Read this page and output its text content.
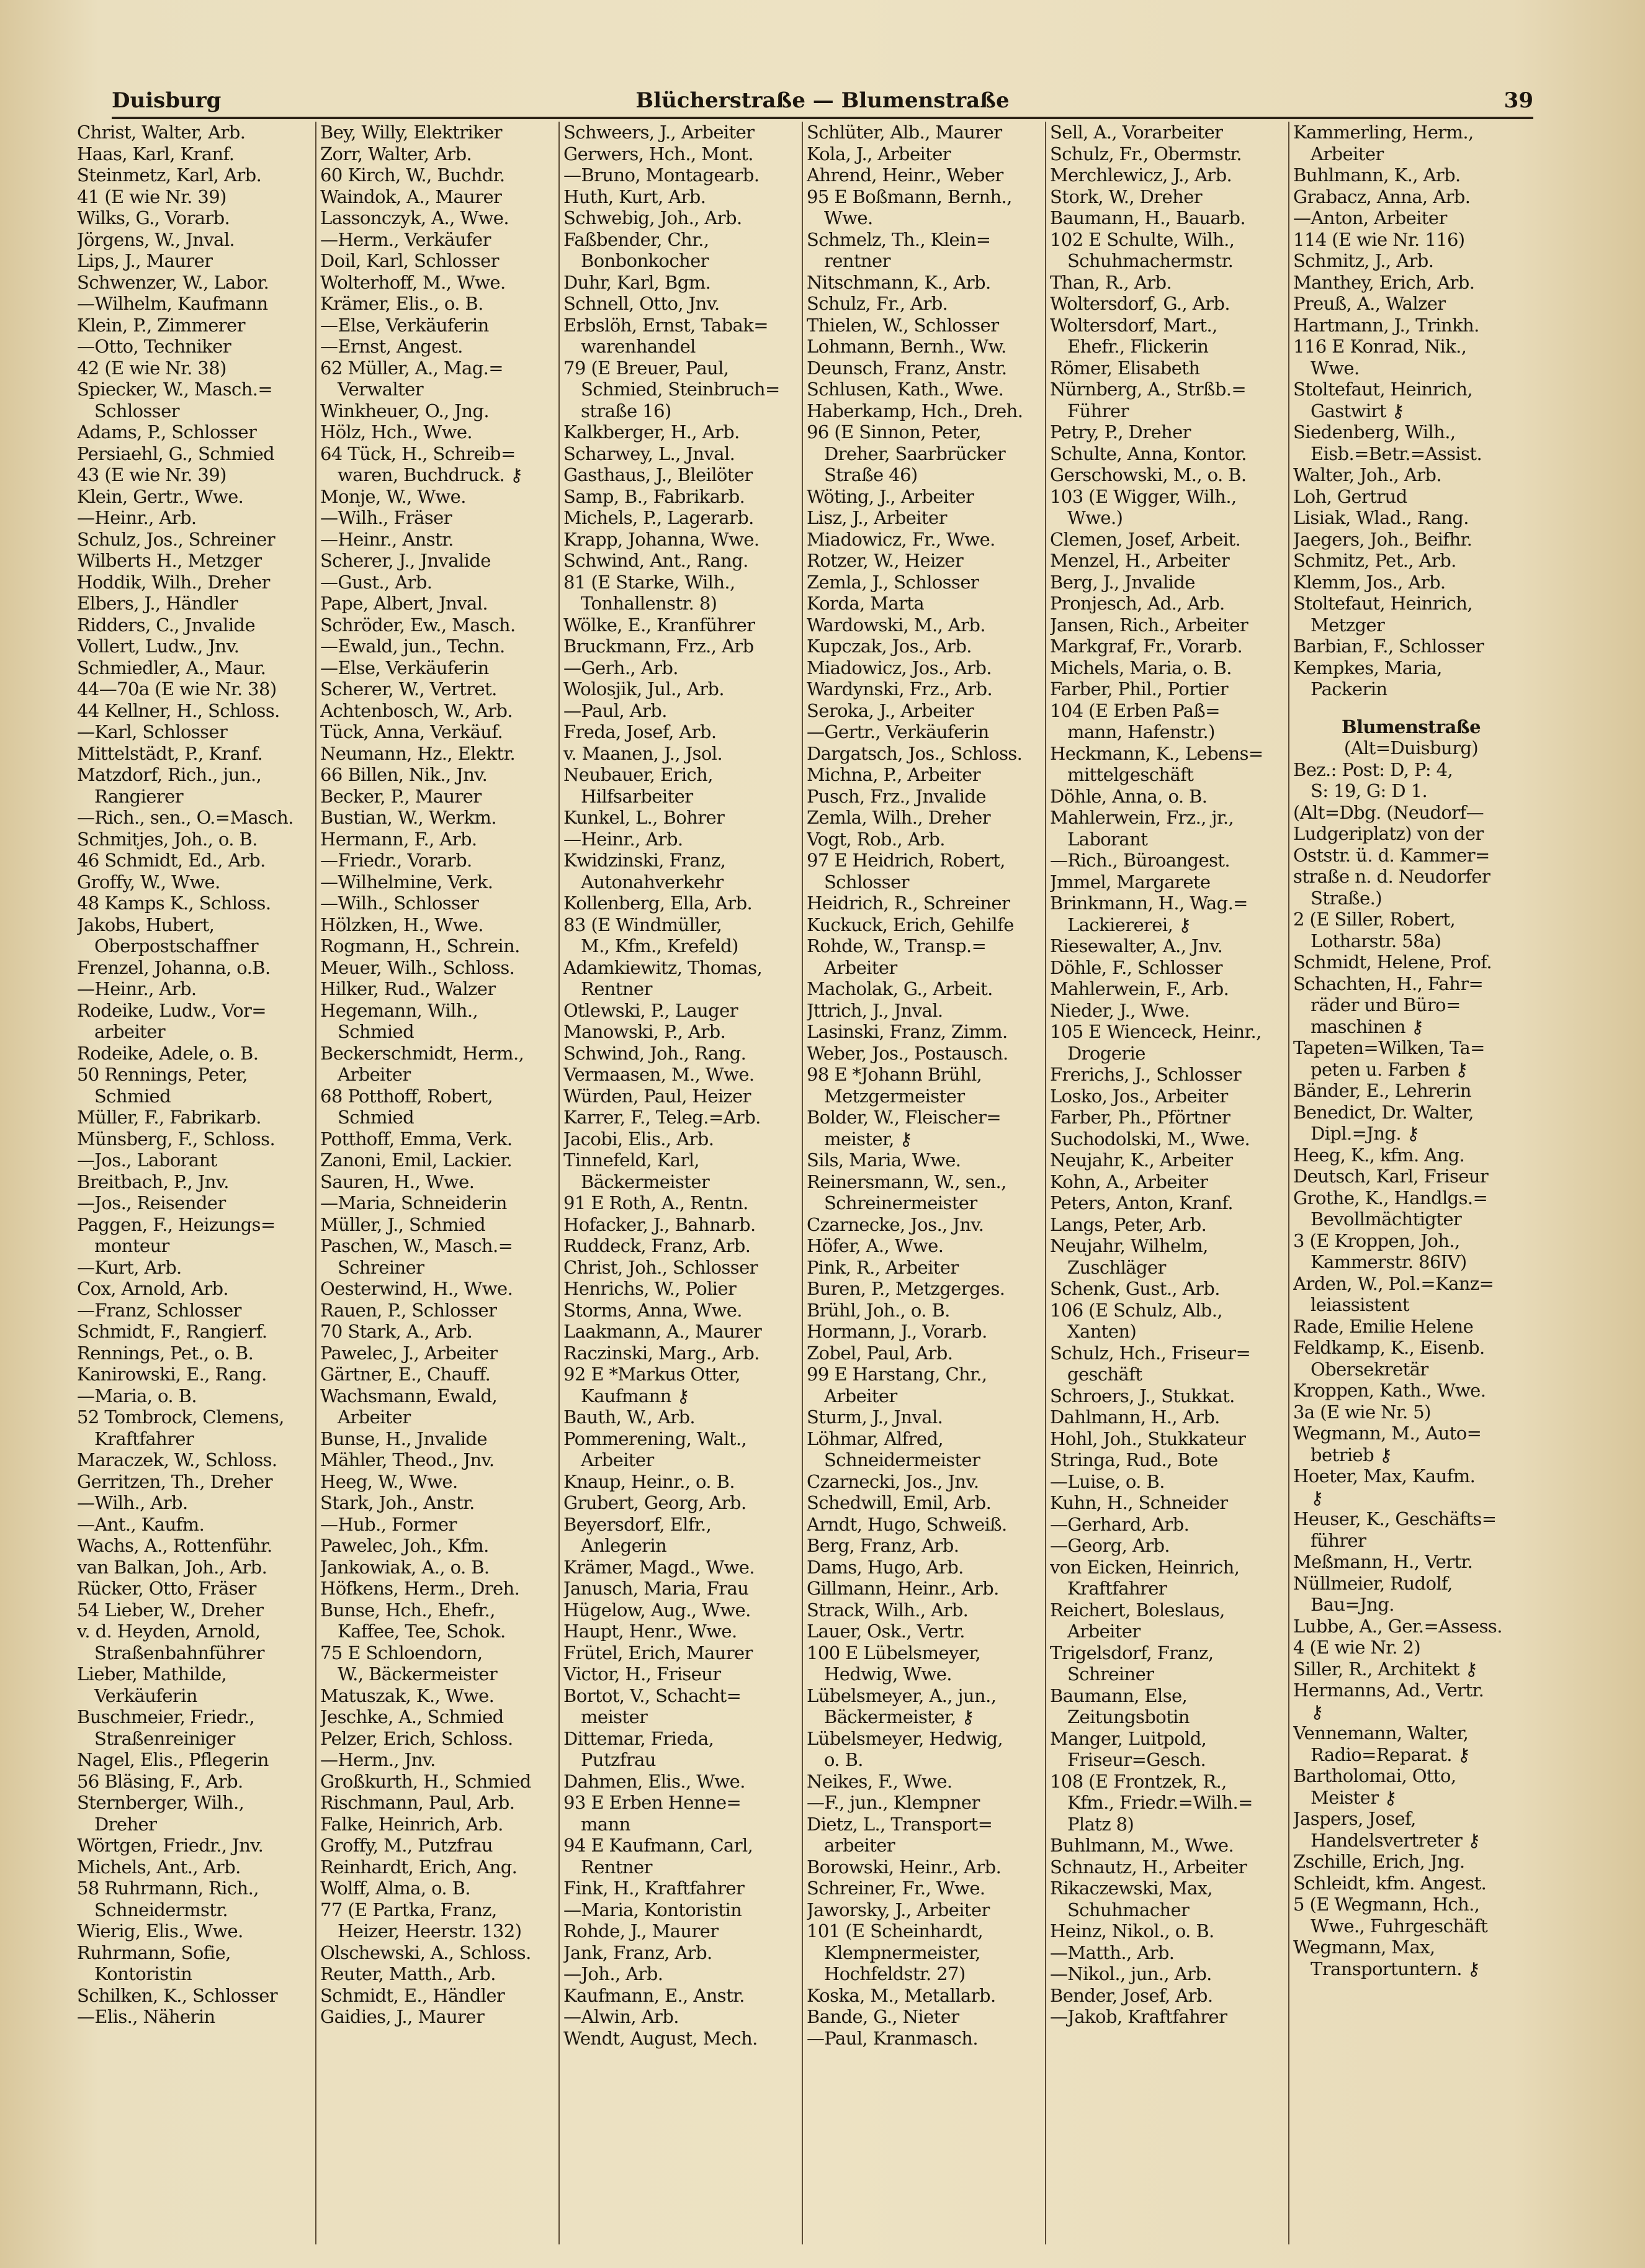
Duisburg	Blücherstraße — Blumenstraße	39
Christ, Walter, Arb.
Haas, Karl, Kranf.
Steinmetz, Karl, Arb.
41 (E wie Nr. 39)
Wilks, G., Vorarb.
Jörgens, W., Jnval.
Lips, J., Maurer
Schwenzer, W., Labor.
—Wilhelm, Kaufmann
Klein, P., Zimmerer
—Otto, Techniker
42 (E wie Nr. 38)
Spiecker, W., Masch.=
Schlosser
Adams, P., Schlosser
Persiaehl, G., Schmied
43 (E wie Nr. 39)
Klein, Gertr., Wwe.
—Heinr., Arb.
Schulz, Jos., Schreiner
Wilberts H., Metzger
Hoddik, Wilh., Dreher
Elbers, J., Händler
Ridders, C., Jnvalide
Vollert, Ludw., Jnv.
Schmiedler, A., Maur.
44—70a (E wie Nr. 38)
44 Kellner, H., Schloss.
—Karl, Schlosser
Mittelstädt, P., Kranf.
Matzdorf, Rich., jun.,
Rangierer
—Rich., sen., O.=Masch.
Schmitjes, Joh., o. B.
46 Schmidt, Ed., Arb.
Groffy, W., Wwe.
48 Kamps K., Schloss.
Jakobs, Hubert,
Oberpostschaffner
Frenzel, Johanna, o.B.
—Heinr., Arb.
Rodeike, Ludw., Vor=
arbeiter
Rodeike, Adele, o. B.
50 Rennings, Peter,
Schmied
Müller, F., Fabrikarb.
Münsberg, F., Schloss.
—Jos., Laborant
Breitbach, P., Jnv.
—Jos., Reisender
Paggen, F., Heizungs=
monteur
—Kurt, Arb.
Cox, Arnold, Arb.
—Franz, Schlosser
Schmidt, F., Rangierf.
Rennings, Pet., o. B.
Kanirowski, E., Rang.
—Maria, o. B.
52 Tombrock, Clemens,
Kraftfahrer
Maraczek, W., Schloss.
Gerritzen, Th., Dreher
—Wilh., Arb.
—Ant., Kaufm.
Wachs, A., Rottenführ.
van Balkan, Joh., Arb.
Rücker, Otto, Fräser
54 Lieber, W., Dreher
v. d. Heyden, Arnold,
Straßenbahnführer
Lieber, Mathilde,
Verkäuferin
Buschmeier, Friedr.,
Straßenreiniger
Nagel, Elis., Pflegerin
56 Bläsing, F., Arb.
Sternberger, Wilh.,
Dreher
Wörtgen, Friedr., Jnv.
Michels, Ant., Arb.
58 Ruhrmann, Rich.,
Schneidermstr.
Wierig, Elis., Wwe.
Ruhrmann, Sofie,
Kontoristin
Schilken, K., Schlosser
—Elis., Näherin
Bey, Willy, Elektriker
Zorr, Walter, Arb.
60 Kirch, W., Buchdr.
Waindok, A., Maurer
Lassonczyk, A., Wwe.
—Herm., Verkäufer
Doil, Karl, Schlosser
Wolterhoff, M., Wwe.
Krämer, Elis., o. B.
—Else, Verkäuferin
—Ernst, Angest.
62 Müller, A., Mag.=
Verwalter
Winkheuer, O., Jng.
Hölz, Hch., Wwe.
64 Tück, H., Schreib=
waren, Buchdruck. ⚷
Monje, W., Wwe.
—Wilh., Fräser
—Heinr., Anstr.
Scherer, J., Jnvalide
—Gust., Arb.
Pape, Albert, Jnval.
Schröder, Ew., Masch.
—Ewald, jun., Techn.
—Else, Verkäuferin
Scherer, W., Vertret.
Achtenbosch, W., Arb.
Tück, Anna, Verkäuf.
Neumann, Hz., Elektr.
66 Billen, Nik., Jnv.
Becker, P., Maurer
Bustian, W., Werkm.
Hermann, F., Arb.
—Friedr., Vorarb.
—Wilhelmine, Verk.
—Wilh., Schlosser
Hölzken, H., Wwe.
Rogmann, H., Schrein.
Meuer, Wilh., Schloss.
Hilker, Rud., Walzer
Hegemann, Wilh.,
Schmied
Beckerschmidt, Herm.,
Arbeiter
68 Potthoff, Robert,
Schmied
Potthoff, Emma, Verk.
Zanoni, Emil, Lackier.
Sauren, H., Wwe.
—Maria, Schneiderin
Müller, J., Schmied
Paschen, W., Masch.=
Schreiner
Oesterwind, H., Wwe.
Rauen, P., Schlosser
70 Stark, A., Arb.
Pawelec, J., Arbeiter
Gärtner, E., Chauff.
Wachsmann, Ewald,
Arbeiter
Bunse, H., Jnvalide
Mähler, Theod., Jnv.
Heeg, W., Wwe.
Stark, Joh., Anstr.
—Hub., Former
Pawelec, Joh., Kfm.
Jankowiak, A., o. B.
Höfkens, Herm., Dreh.
Bunse, Hch., Ehefr.,
Kaffee, Tee, Schok.
75 E Schloendorn,
W., Bäckermeister
Matuszak, K., Wwe.
Jeschke, A., Schmied
Pelzer, Erich, Schloss.
—Herm., Jnv.
Großkurth, H., Schmied
Rischmann, Paul, Arb.
Falke, Heinrich, Arb.
Groffy, M., Putzfrau
Reinhardt, Erich, Ang.
Wolff, Alma, o. B.
77 (E Partka, Franz,
Heizer, Heerstr. 132)
Olschewski, A., Schloss.
Reuter, Matth., Arb.
Schmidt, E., Händler
Gaidies, J., Maurer
Schweers, J., Arbeiter
Gerwers, Hch., Mont.
—Bruno, Montagearb.
Huth, Kurt, Arb.
Schwebig, Joh., Arb.
Faßbender, Chr.,
Bonbonkocher
Duhr, Karl, Bgm.
Schnell, Otto, Jnv.
Erbslöh, Ernst, Tabak=
warenhandel
79 (E Breuer, Paul,
Schmied, Steinbruch=
straße 16)
Kalkberger, H., Arb.
Scharwey, L., Jnval.
Gasthaus, J., Bleilöter
Samp, B., Fabrikarb.
Michels, P., Lagerarb.
Krapp, Johanna, Wwe.
Schwind, Ant., Rang.
81 (E Starke, Wilh.,
Tonhallenstr. 8)
Wölke, E., Kranführer
Bruckmann, Frz., Arb
—Gerh., Arb.
Wolosjik, Jul., Arb.
—Paul, Arb.
Freda, Josef, Arb.
v. Maanen, J., Jsol.
Neubauer, Erich,
Hilfsarbeiter
Kunkel, L., Bohrer
—Heinr., Arb.
Kwidzinski, Franz,
Autonahverkehr
Kollenberg, Ella, Arb.
83 (E Windmüller,
M., Kfm., Krefeld)
Adamkiewitz, Thomas,
Rentner
Otlewski, P., Lauger
Manowski, P., Arb.
Schwind, Joh., Rang.
Vermaasen, M., Wwe.
Würden, Paul, Heizer
Karrer, F., Teleg.=Arb.
Jacobi, Elis., Arb.
Tinnefeld, Karl,
Bäckermeister
91 E Roth, A., Rentn.
Hofacker, J., Bahnarb.
Ruddeck, Franz, Arb.
Christ, Joh., Schlosser
Henrichs, W., Polier
Storms, Anna, Wwe.
Laakmann, A., Maurer
Raczinski, Marg., Arb.
92 E *Markus Otter,
Kaufmann ⚷
Bauth, W., Arb.
Pommerening, Walt.,
Arbeiter
Knaup, Heinr., o. B.
Grubert, Georg, Arb.
Beyersdorf, Elfr.,
Anlegerin
Krämer, Magd., Wwe.
Janusch, Maria, Frau
Hügelow, Aug., Wwe.
Haupt, Henr., Wwe.
Frütel, Erich, Maurer
Victor, H., Friseur
Bortot, V., Schacht=
meister
Dittemar, Frieda,
Putzfrau
Dahmen, Elis., Wwe.
93 E Erben Henne=
mann
94 E Kaufmann, Carl,
Rentner
Fink, H., Kraftfahrer
—Maria, Kontoristin
Rohde, J., Maurer
Jank, Franz, Arb.
—Joh., Arb.
Kaufmann, E., Anstr.
—Alwin, Arb.
Wendt, August, Mech.
Schlüter, Alb., Maurer
Kola, J., Arbeiter
Ahrend, Heinr., Weber
95 E Boßmann, Bernh.,
Wwe.
Schmelz, Th., Klein=
rentner
Nitschmann, K., Arb.
Schulz, Fr., Arb.
Thielen, W., Schlosser
Lohmann, Bernh., Ww.
Deunsch, Franz, Anstr.
Schlusen, Kath., Wwe.
Haberkamp, Hch., Dreh.
96 (E Sinnon, Peter,
Dreher, Saarbrücker
Straße 46)
Wöting, J., Arbeiter
Lisz, J., Arbeiter
Miadowicz, Fr., Wwe.
Rotzer, W., Heizer
Zemla, J., Schlosser
Korda, Marta
Wardowski, M., Arb.
Kupczak, Jos., Arb.
Miadowicz, Jos., Arb.
Wardynski, Frz., Arb.
Seroka, J., Arbeiter
—Gertr., Verkäuferin
Dargatsch, Jos., Schloss.
Michna, P., Arbeiter
Pusch, Frz., Jnvalide
Zemla, Wilh., Dreher
Vogt, Rob., Arb.
97 E Heidrich, Robert,
Schlosser
Heidrich, R., Schreiner
Kuckuck, Erich, Gehilfe
Rohde, W., Transp.=
Arbeiter
Macholak, G., Arbeit.
Jttrich, J., Jnval.
Lasinski, Franz, Zimm.
Weber, Jos., Postausch.
98 E *Johann Brühl,
Metzgermeister
Bolder, W., Fleischer=
meister, ⚷
Sils, Maria, Wwe.
Reinersmann, W., sen.,
Schreinermeister
Czarnecke, Jos., Jnv.
Höfer, A., Wwe.
Pink, R., Arbeiter
Buren, P., Metzgerges.
Brühl, Joh., o. B.
Hormann, J., Vorarb.
Zobel, Paul, Arb.
99 E Harstang, Chr.,
Arbeiter
Sturm, J., Jnval.
Löhmar, Alfred,
Schneidermeister
Czarnecki, Jos., Jnv.
Schedwill, Emil, Arb.
Arndt, Hugo, Schweiß.
Berg, Franz, Arb.
Dams, Hugo, Arb.
Gillmann, Heinr., Arb.
Strack, Wilh., Arb.
Lauer, Osk., Vertr.
100 E Lübelsmeyer,
Hedwig, Wwe.
Lübelsmeyer, A., jun.,
Bäckermeister, ⚷
Lübelsmeyer, Hedwig,
o. B.
Neikes, F., Wwe.
—F., jun., Klempner
Dietz, L., Transport=
arbeiter
Borowski, Heinr., Arb.
Schreiner, Fr., Wwe.
Jaworsky, J., Arbeiter
101 (E Scheinhardt,
Klempnermeister,
Hochfeldstr. 27)
Koska, M., Metallarb.
Bande, G., Nieter
—Paul, Kranmasch.
Sell, A., Vorarbeiter
Schulz, Fr., Obermstr.
Merchlewicz, J., Arb.
Stork, W., Dreher
Baumann, H., Bauarb.
102 E Schulte, Wilh.,
Schuhmachermstr.
Than, R., Arb.
Woltersdorf, G., Arb.
Woltersdorf, Mart.,
Ehefr., Flickerin
Römer, Elisabeth
Nürnberg, A., Strßb.=
Führer
Petry, P., Dreher
Schulte, Anna, Kontor.
Gerschowski, M., o. B.
103 (E Wigger, Wilh.,
Wwe.)
Clemen, Josef, Arbeit.
Menzel, H., Arbeiter
Berg, J., Jnvalide
Pronjesch, Ad., Arb.
Jansen, Rich., Arbeiter
Markgraf, Fr., Vorarb.
Michels, Maria, o. B.
Farber, Phil., Portier
104 (E Erben Paß=
mann, Hafenstr.)
Heckmann, K., Lebens=
mittelgeschäft
Döhle, Anna, o. B.
Mahlerwein, Frz., jr.,
Laborant
—Rich., Büroangest.
Jmmel, Margarete
Brinkmann, H., Wag.=
Lackiererei, ⚷
Riesewalter, A., Jnv.
Döhle, F., Schlosser
Mahlerwein, F., Arb.
Nieder, J., Wwe.
105 E Wienceck, Heinr.,
Drogerie
Frerichs, J., Schlosser
Losko, Jos., Arbeiter
Farber, Ph., Pförtner
Suchodolski, M., Wwe.
Neujahr, K., Arbeiter
Kohn, A., Arbeiter
Peters, Anton, Kranf.
Langs, Peter, Arb.
Neujahr, Wilhelm,
Zuschläger
Schenk, Gust., Arb.
106 (E Schulz, Alb.,
Xanten)
Schulz, Hch., Friseur=
geschäft
Schroers, J., Stukkat.
Dahlmann, H., Arb.
Hohl, Joh., Stukkateur
Stringa, Rud., Bote
—Luise, o. B.
Kuhn, H., Schneider
—Gerhard, Arb.
—Georg, Arb.
von Eicken, Heinrich,
Kraftfahrer
Reichert, Boleslaus,
Arbeiter
Trigelsdorf, Franz,
Schreiner
Baumann, Else,
Zeitungsbotin
Manger, Luitpold,
Friseur=Gesch.
108 (E Frontzek, R.,
Kfm., Friedr.=Wilh.=
Platz 8)
Buhlmann, M., Wwe.
Schnautz, H., Arbeiter
Rikaczewski, Max,
Schuhmacher
Heinz, Nikol., o. B.
—Matth., Arb.
—Nikol., jun., Arb.
Bender, Josef, Arb.
—Jakob, Kraftfahrer
Kammerling, Herm.,
Arbeiter
Buhlmann, K., Arb.
Grabacz, Anna, Arb.
—Anton, Arbeiter
114 (E wie Nr. 116)
Schmitz, J., Arb.
Manthey, Erich, Arb.
Preuß, A., Walzer
Hartmann, J., Trinkh.
116 E Konrad, Nik.,
Wwe.
Stoltefaut, Heinrich,
Gastwirt ⚷
Siedenberg, Wilh.,
Eisb.=Betr.=Assist.
Walter, Joh., Arb.
Loh, Gertrud
Lisiak, Wlad., Rang.
Jaegers, Joh., Beifhr.
Schmitz, Pet., Arb.
Klemm, Jos., Arb.
Stoltefaut, Heinrich,
Metzger
Barbian, F., Schlosser
Kempkes, Maria,
Packerin
Blumenstraße
(Alt=Duisburg)
Bez.: Post: D, P: 4,
S: 19, G: D 1.
(Alt=Dbg. (Neudorf—
Ludgeriplatz) von der
Oststr. ü. d. Kammer=
straße n. d. Neudorfer
Straße.)
2 (E Siller, Robert,
Lotharstr. 58a)
Schmidt, Helene, Prof.
Schachten, H., Fahr=
räder und Büro=
maschinen ⚷
Tapeten=Wilken, Ta=
peten u. Farben ⚷
Bänder, E., Lehrerin
Benedict, Dr. Walter,
Dipl.=Jng. ⚷
Heeg, K., kfm. Ang.
Deutsch, Karl, Friseur
Grothe, K., Handlgs.=
Bevollmächtigter
3 (E Kroppen, Joh.,
Kammerstr. 86IV)
Arden, W., Pol.=Kanz=
leiassistent
Rade, Emilie Helene
Feldkamp, K., Eisenb.
Obersekretär
Kroppen, Kath., Wwe.
3a (E wie Nr. 5)
Wegmann, M., Auto=
betrieb ⚷
Hoeter, Max, Kaufm.
⚷
Heuser, K., Geschäfts=
führer
Meßmann, H., Vertr.
Nüllmeier, Rudolf,
Bau=Jng.
Lubbe, A., Ger.=Assess.
4 (E wie Nr. 2)
Siller, R., Architekt ⚷
Hermanns, Ad., Vertr.
⚷
Vennemann, Walter,
Radio=Reparat. ⚷
Bartholomai, Otto,
Meister ⚷
Jaspers, Josef,
Handelsvertreter ⚷
Zschille, Erich, Jng.
Schleidt, kfm. Angest.
5 (E Wegmann, Hch.,
Wwe., Fuhrgeschäft
Wegmann, Max,
Transportuntern. ⚷
